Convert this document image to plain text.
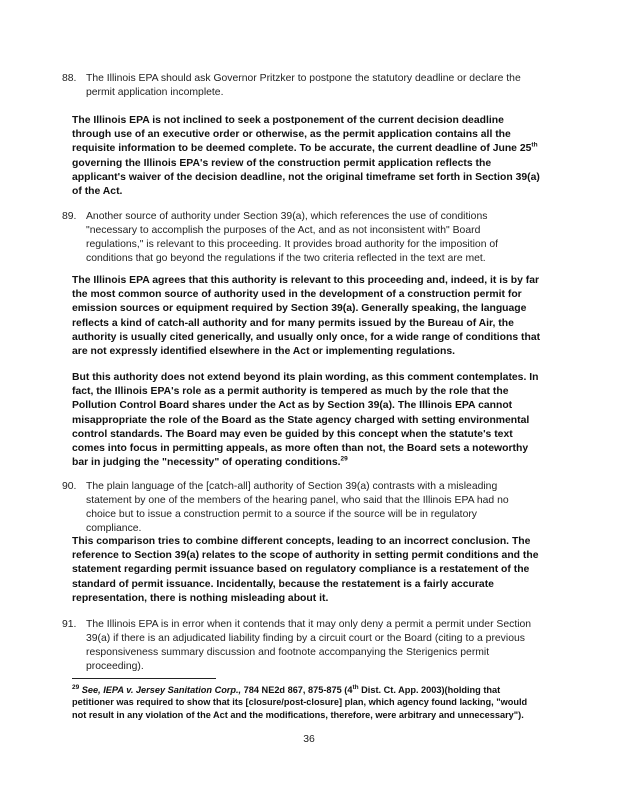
88. The Illinois EPA should ask Governor Pritzker to postpone the statutory deadline or declare the permit application incomplete.

The Illinois EPA is not inclined to seek a postponement of the current decision deadline through use of an executive order or otherwise, as the permit application contains all the requisite information to be deemed complete. To be accurate, the current deadline of June 25th governing the Illinois EPA's review of the construction permit application reflects the applicant's waiver of the decision deadline, not the original timeframe set forth in Section 39(a) of the Act.

89. Another source of authority under Section 39(a), which references the use of conditions "necessary to accomplish the purposes of the Act, and as not inconsistent with" Board regulations," is relevant to this proceeding. It provides broad authority for the imposition of conditions that go beyond the regulations if the two criteria reflected in the text are met.

The Illinois EPA agrees that this authority is relevant to this proceeding and, indeed, it is by far the most common source of authority used in the development of a construction permit for emission sources or equipment required by Section 39(a). Generally speaking, the language reflects a kind of catch-all authority and for many permits issued by the Bureau of Air, the authority is usually cited generically, and usually only once, for a wide range of conditions that are not expressly identified elsewhere in the Act or implementing regulations.

But this authority does not extend beyond its plain wording, as this comment contemplates. In fact, the Illinois EPA's role as a permit authority is tempered as much by the role that the Pollution Control Board shares under the Act as by Section 39(a). The Illinois EPA cannot misappropriate the role of the Board as the State agency charged with setting environmental control standards. The Board may even be guided by this concept when the statute's text comes into focus in permitting appeals, as more often than not, the Board sets a noteworthy bar in judging the "necessity" of operating conditions.$^{29}$

90. The plain language of the [catch-all] authority of Section 39(a) contrasts with a misleading statement by one of the members of the hearing panel, who said that the Illinois EPA had no choice but to issue a construction permit to a source if the source will be in regulatory compliance.

This comparison tries to combine different concepts, leading to an incorrect conclusion. The reference to Section 39(a) relates to the scope of authority in setting permit conditions and the statement regarding permit issuance based on regulatory compliance is a restatement of the standard of permit issuance. Incidentally, because the restatement is a fairly accurate representation, there is nothing misleading about it.

91. The Illinois EPA is in error when it contends that it may only deny a permit a permit under Section 39(a) if there is an adjudicated liability finding by a circuit court or the Board (citing to a previous responsiveness summary discussion and footnote accompanying the Sterigenics permit proceeding).
$^{29}$ See, IEPA v. Jersey Sanitation Corp., 784 NE2d 867, 875-875 (4th Dist. Ct. App. 2003)(holding that petitioner was required to show that its [closure/post-closure] plan, which agency found lacking, "would not result in any violation of the Act and the modifications, therefore, were arbitrary and unnecessary").
36
